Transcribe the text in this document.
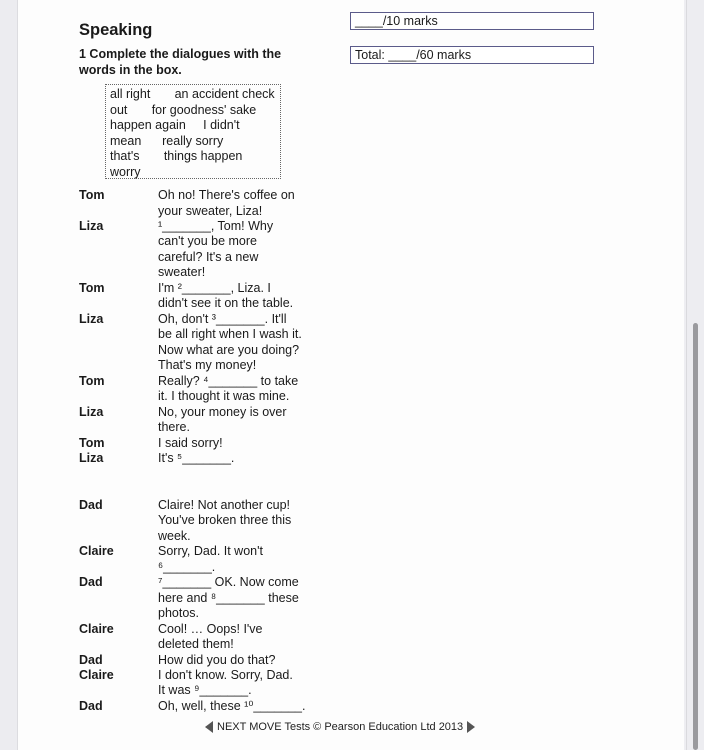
Speaking
1 Complete the dialogues with the words in the box.
____/10 marks
Total: ____/60 marks
all right an accident check out for goodness' sake      happen again I didn't mean really sorry that's things happen worry
Tom	Oh no! There's coffee on
your sweater, Liza!
Liza	¹_______, Tom! Why
can't you be more
careful? It's a new
sweater!
Tom	I'm ²_______, Liza. I
didn't see it on the table.
Liza	Oh, don't ³_______. It'll
be all right when I wash it.
Now what are you doing?
That's my money!
Tom	Really? ⁴_______ to take
it. I thought it was mine.
Liza	No, your money is over
there.
Tom	I said sorry!
Liza	It's ⁵_______.
Dad	Claire! Not another cup!
You've broken three this
week.
Claire	Sorry, Dad. It won't
⁶_______.
Dad	⁷_______ OK. Now come
here and ⁸_______ these
photos.
Claire	Cool! … Oops! I've
deleted them!
Dad	How did you do that?
Claire	I don't know. Sorry, Dad.
It was ⁹_______.
Dad	Oh, well, these ¹⁰_______.
NEXT MOVE Tests © Pearson Education Ltd 2013
